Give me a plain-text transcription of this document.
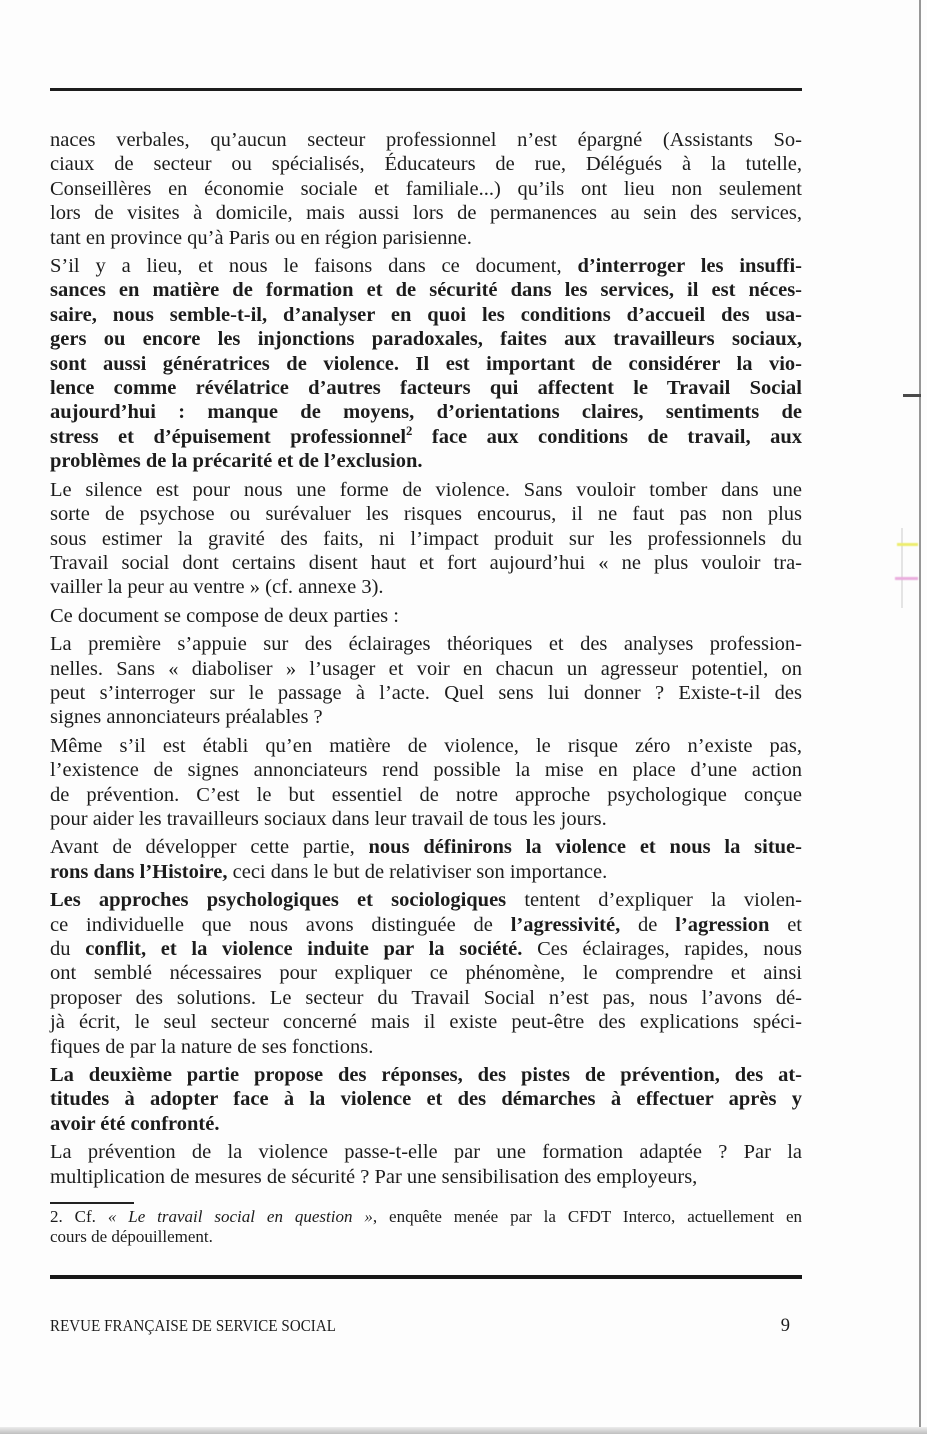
naces verbales, qu’aucun secteur professionnel n’est épargné (Assistants So-
ciaux de secteur ou spécialisés, Éducateurs de rue, Délégués à la tutelle,
Conseillères en économie sociale et familiale...) qu’ils ont lieu non seulement
lors de visites à domicile, mais aussi lors de permanences au sein des services,
tant en province qu’à Paris ou en région parisienne.
S’il y a lieu, et nous le faisons dans ce document, d’interroger les insuffi-
sances en matière de formation et de sécurité dans les services, il est néces-
saire, nous semble-t-il, d’analyser en quoi les conditions d’accueil des usa-
gers ou encore les injonctions paradoxales, faites aux travailleurs sociaux,
sont aussi génératrices de violence. Il est important de considérer la vio-
lence comme révélatrice d’autres facteurs qui affectent le Travail Social
aujourd’hui : manque de moyens, d’orientations claires, sentiments de
stress et d’épuisement professionnel$^2$ face aux conditions de travail, aux
problèmes de la précarité et de l’exclusion.
Le silence est pour nous une forme de violence. Sans vouloir tomber dans une
sorte de psychose ou surévaluer les risques encourus, il ne faut pas non plus
sous estimer la gravité des faits, ni l’impact produit sur les professionnels du
Travail social dont certains disent haut et fort aujourd’hui « ne plus vouloir tra-
vailler la peur au ventre » (cf. annexe 3).
Ce document se compose de deux parties :
La première s’appuie sur des éclairages théoriques et des analyses profession-
nelles. Sans « diaboliser » l’usager et voir en chacun un agresseur potentiel, on
peut s’interroger sur le passage à l’acte. Quel sens lui donner ? Existe-t-il des
signes annonciateurs préalables ?
Même s’il est établi qu’en matière de violence, le risque zéro n’existe pas,
l’existence de signes annonciateurs rend possible la mise en place d’une action
de prévention. C’est le but essentiel de notre approche psychologique conçue
pour aider les travailleurs sociaux dans leur travail de tous les jours.
Avant de développer cette partie, nous définirons la violence et nous la situe-
rons dans l’Histoire, ceci dans le but de relativiser son importance.
Les approches psychologiques et sociologiques tentent d’expliquer la violen-
ce individuelle que nous avons distinguée de l’agressivité, de l’agression et
du conflit, et la violence induite par la société. Ces éclairages, rapides, nous
ont semblé nécessaires pour expliquer ce phénomène, le comprendre et ainsi
proposer des solutions. Le secteur du Travail Social n’est pas, nous l’avons dé-
jà écrit, le seul secteur concerné mais il existe peut-être des explications spéci-
fiques de par la nature de ses fonctions.
La deuxième partie propose des réponses, des pistes de prévention, des at-
titudes à adopter face à la violence et des démarches à effectuer après y
avoir été confronté.
La prévention de la violence passe-t-elle par une formation adaptée ? Par la
multiplication de mesures de sécurité ? Par une sensibilisation des employeurs,
2. Cf. « Le travail social en question », enquête menée par la CFDT Interco, actuellement en
cours de dépouillement.
REVUE FRANÇAISE DE SERVICE SOCIAL	9
